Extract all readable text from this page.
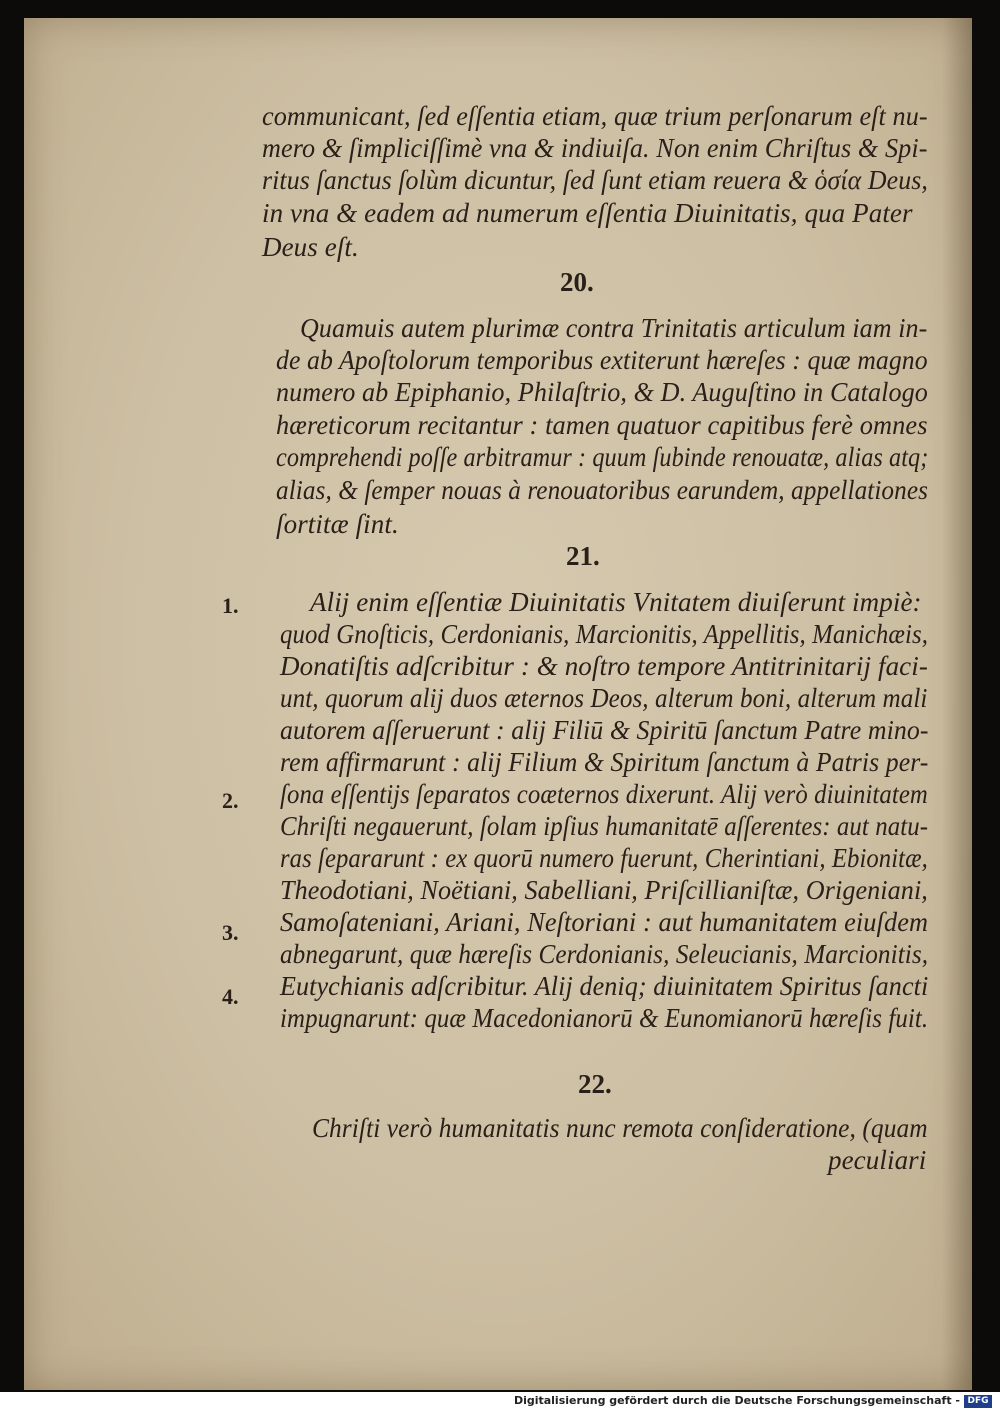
communicant, ſed eſſentia etiam, quæ trium perſonarum eſt nu-
mero & ſimpliciſſimè vna & indiuiſa. Non enim Chriſtus & Spi-
ritus ſanctus ſolùm dicuntur, ſed ſunt etiam reuera & ὁσία Deus,
in vna & eadem ad numerum eſſentia Diuinitatis, qua Pater
Deus eſt.
20.
Quamuis autem plurimæ contra Trinitatis articulum iam in-
de ab Apoſtolorum temporibus extiterunt hæreſes : quæ magno
numero ab Epiphanio, Philaſtrio, & D. Auguſtino in Catalogo
hæreticorum recitantur : tamen quatuor capitibus ferè omnes
comprehendi poſſe arbitramur : quum ſubinde renouatæ, alias atq;
alias, & ſemper nouas à renouatoribus earundem, appellationes
ſortitæ ſint.
21.
1.
2.
3.
4.
Alij enim eſſentiæ Diuinitatis Vnitatem diuiſerunt impiè:
quod Gnoſticis, Cerdonianis, Marcionitis, Appellitis, Manichæis,
Donatiſtis adſcribitur : & noſtro tempore Antitrinitarij faci-
unt, quorum alij duos æternos Deos, alterum boni, alterum mali
autorem aſſeruerunt : alij Filiū & Spiritū ſanctum Patre mino-
rem affirmarunt : alij Filium & Spiritum ſanctum à Patris per-
ſona eſſentijs ſeparatos coæternos dixerunt. Alij verò diuinitatem
Chriſti negauerunt, ſolam ipſius humanitatē aſſerentes: aut natu-
ras ſepararunt : ex quorū numero fuerunt, Cherintiani, Ebionitæ,
Theodotiani, Noëtiani, Sabelliani, Priſcillianiſtæ, Origeniani,
Samoſateniani, Ariani, Neſtoriani : aut humanitatem eiuſdem
abnegarunt, quæ hæreſis Cerdonianis, Seleucianis, Marcionitis,
Eutychianis adſcribitur. Alij deniq; diuinitatem Spiritus ſancti
impugnarunt: quæ Macedonianorū & Eunomianorū hæreſis fuit.
22.
Chriſti verò humanitatis nunc remota conſideratione, (quam
peculiari
Digitalisierung gefördert durch die Deutsche Forschungsgemeinschaft - DFG
